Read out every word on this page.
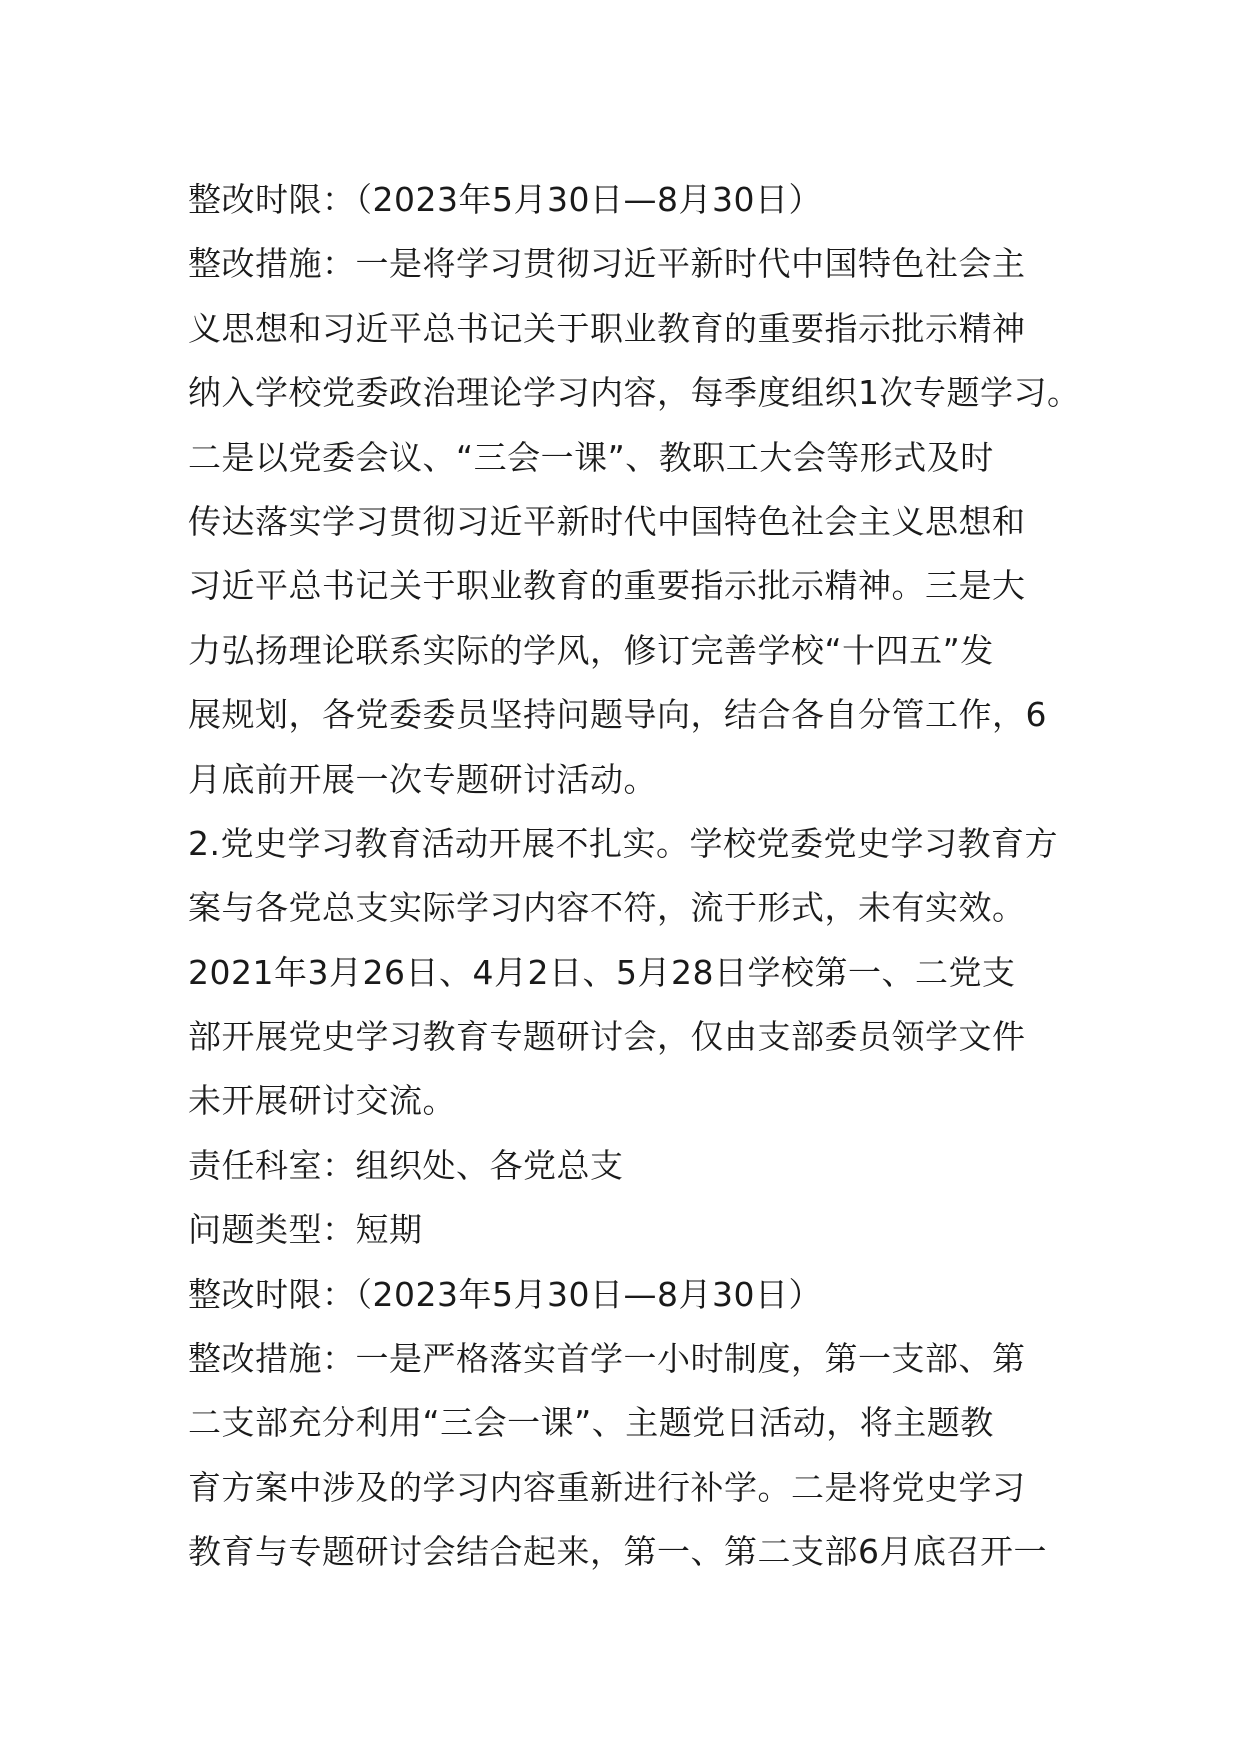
整改时限：（2023年5月30日—8月30日）
整改措施：一是将学习贯彻习近平新时代中国特色社会主
义思想和习近平总书记关于职业教育的重要指示批示精神
纳入学校党委政治理论学习内容，每季度组织1次专题学习。
二是以党委会议、“三会一课”、教职工大会等形式及时
传达落实学习贯彻习近平新时代中国特色社会主义思想和
习近平总书记关于职业教育的重要指示批示精神。三是大
力弘扬理论联系实际的学风，修订完善学校“十四五”发
展规划，各党委委员坚持问题导向，结合各自分管工作，6
月底前开展一次专题研讨活动。
2.党史学习教育活动开展不扎实。学校党委党史学习教育方
案与各党总支实际学习内容不符，流于形式，未有实效。
2021年3月26日、4月2日、5月28日学校第一、二党支
部开展党史学习教育专题研讨会，仅由支部委员领学文件
未开展研讨交流。
责任科室：组织处、各党总支
问题类型：短期
整改时限：（2023年5月30日—8月30日）
整改措施：一是严格落实首学一小时制度，第一支部、第
二支部充分利用“三会一课”、主题党日活动，将主题教
育方案中涉及的学习内容重新进行补学。二是将党史学习
教育与专题研讨会结合起来，第一、第二支部6月底召开一
